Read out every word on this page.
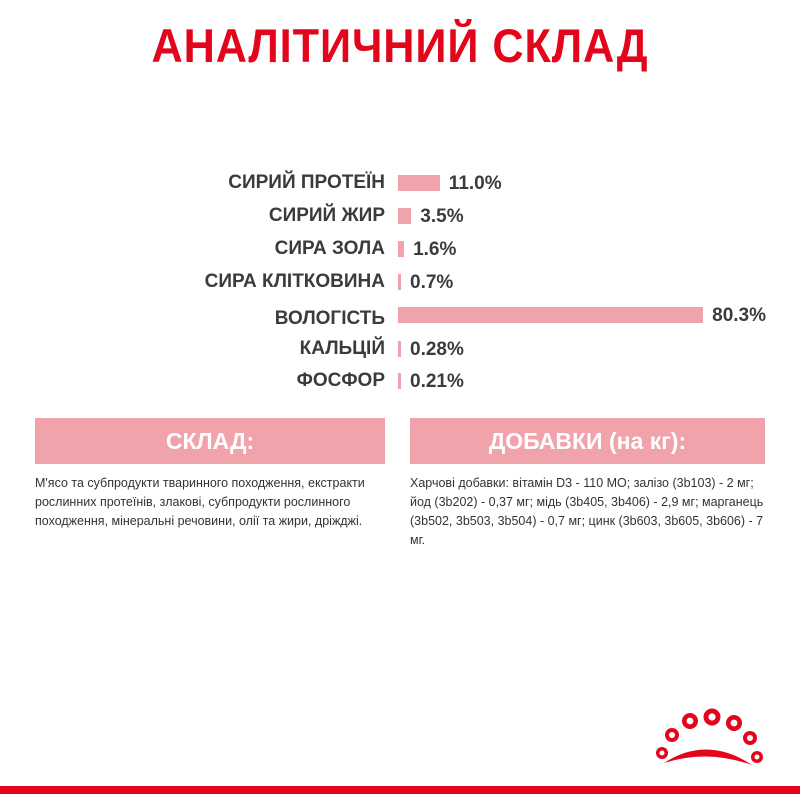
АНАЛІТИЧНИЙ СКЛАД
СИРИЙ ПРОТЕЇН	11.0%
СИРИЙ ЖИР 3.5%
СИРА ЗОЛА 1.6%
СИРА КЛІТКОВИНА 0.7%
ВОЛОГІСТЬ	80.3%
КАЛЬЦІЙ 0.28%
ФОСФОР 0.21%
СКЛАД:
М'ясо та субпродукти тваринного походження, екстракти рослинних протеїнів, злакові, субпродукти рослинного походження, мінеральні речовини, олії та жири, дріжджі.
ДОБАВКИ (на кг):
Харчові добавки: вітамін D3 - 110 МО; залізо (3b103) - 2 мг; йод (3b202) - 0,37 мг; мідь (3b405, 3b406) - 2,9 мг; марганець (3b502, 3b503, 3b504) - 0,7 мг; цинк (3b603, 3b605, 3b606) - 7 мг.
